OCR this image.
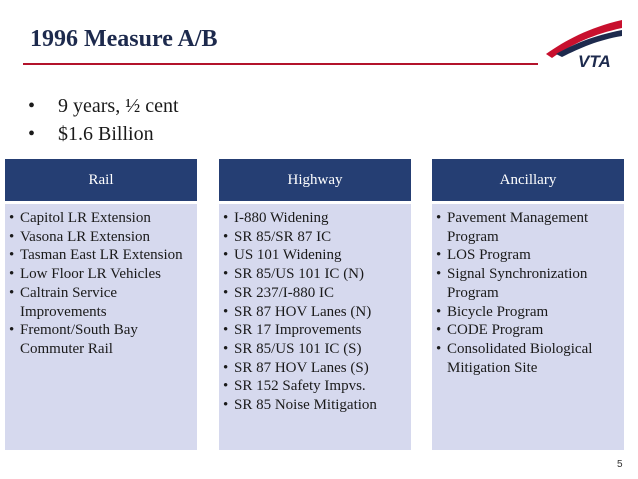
1996 Measure A/B
VTA
•	9 years, ½ cent
•	$1.6 Billion
Rail
• Capitol LR Extension
• Vasona LR Extension
• Tasman East LR Extension
• Low Floor LR Vehicles
• Caltrain Service Improvements
• Fremont/South Bay Commuter Rail
Highway
• I-880 Widening
• SR 85/SR 87 IC
• US 101 Widening
• SR 85/US 101 IC (N)
• SR 237/I-880 IC
• SR 87 HOV Lanes (N)
• SR 17 Improvements
• SR 85/US 101 IC (S)
• SR 87 HOV Lanes (S)
• SR 152 Safety Impvs.
• SR 85 Noise Mitigation
Ancillary
• Pavement Management Program
• LOS Program
• Signal Synchronization Program
• Bicycle Program
• CODE Program
• Consolidated Biological Mitigation Site
5
